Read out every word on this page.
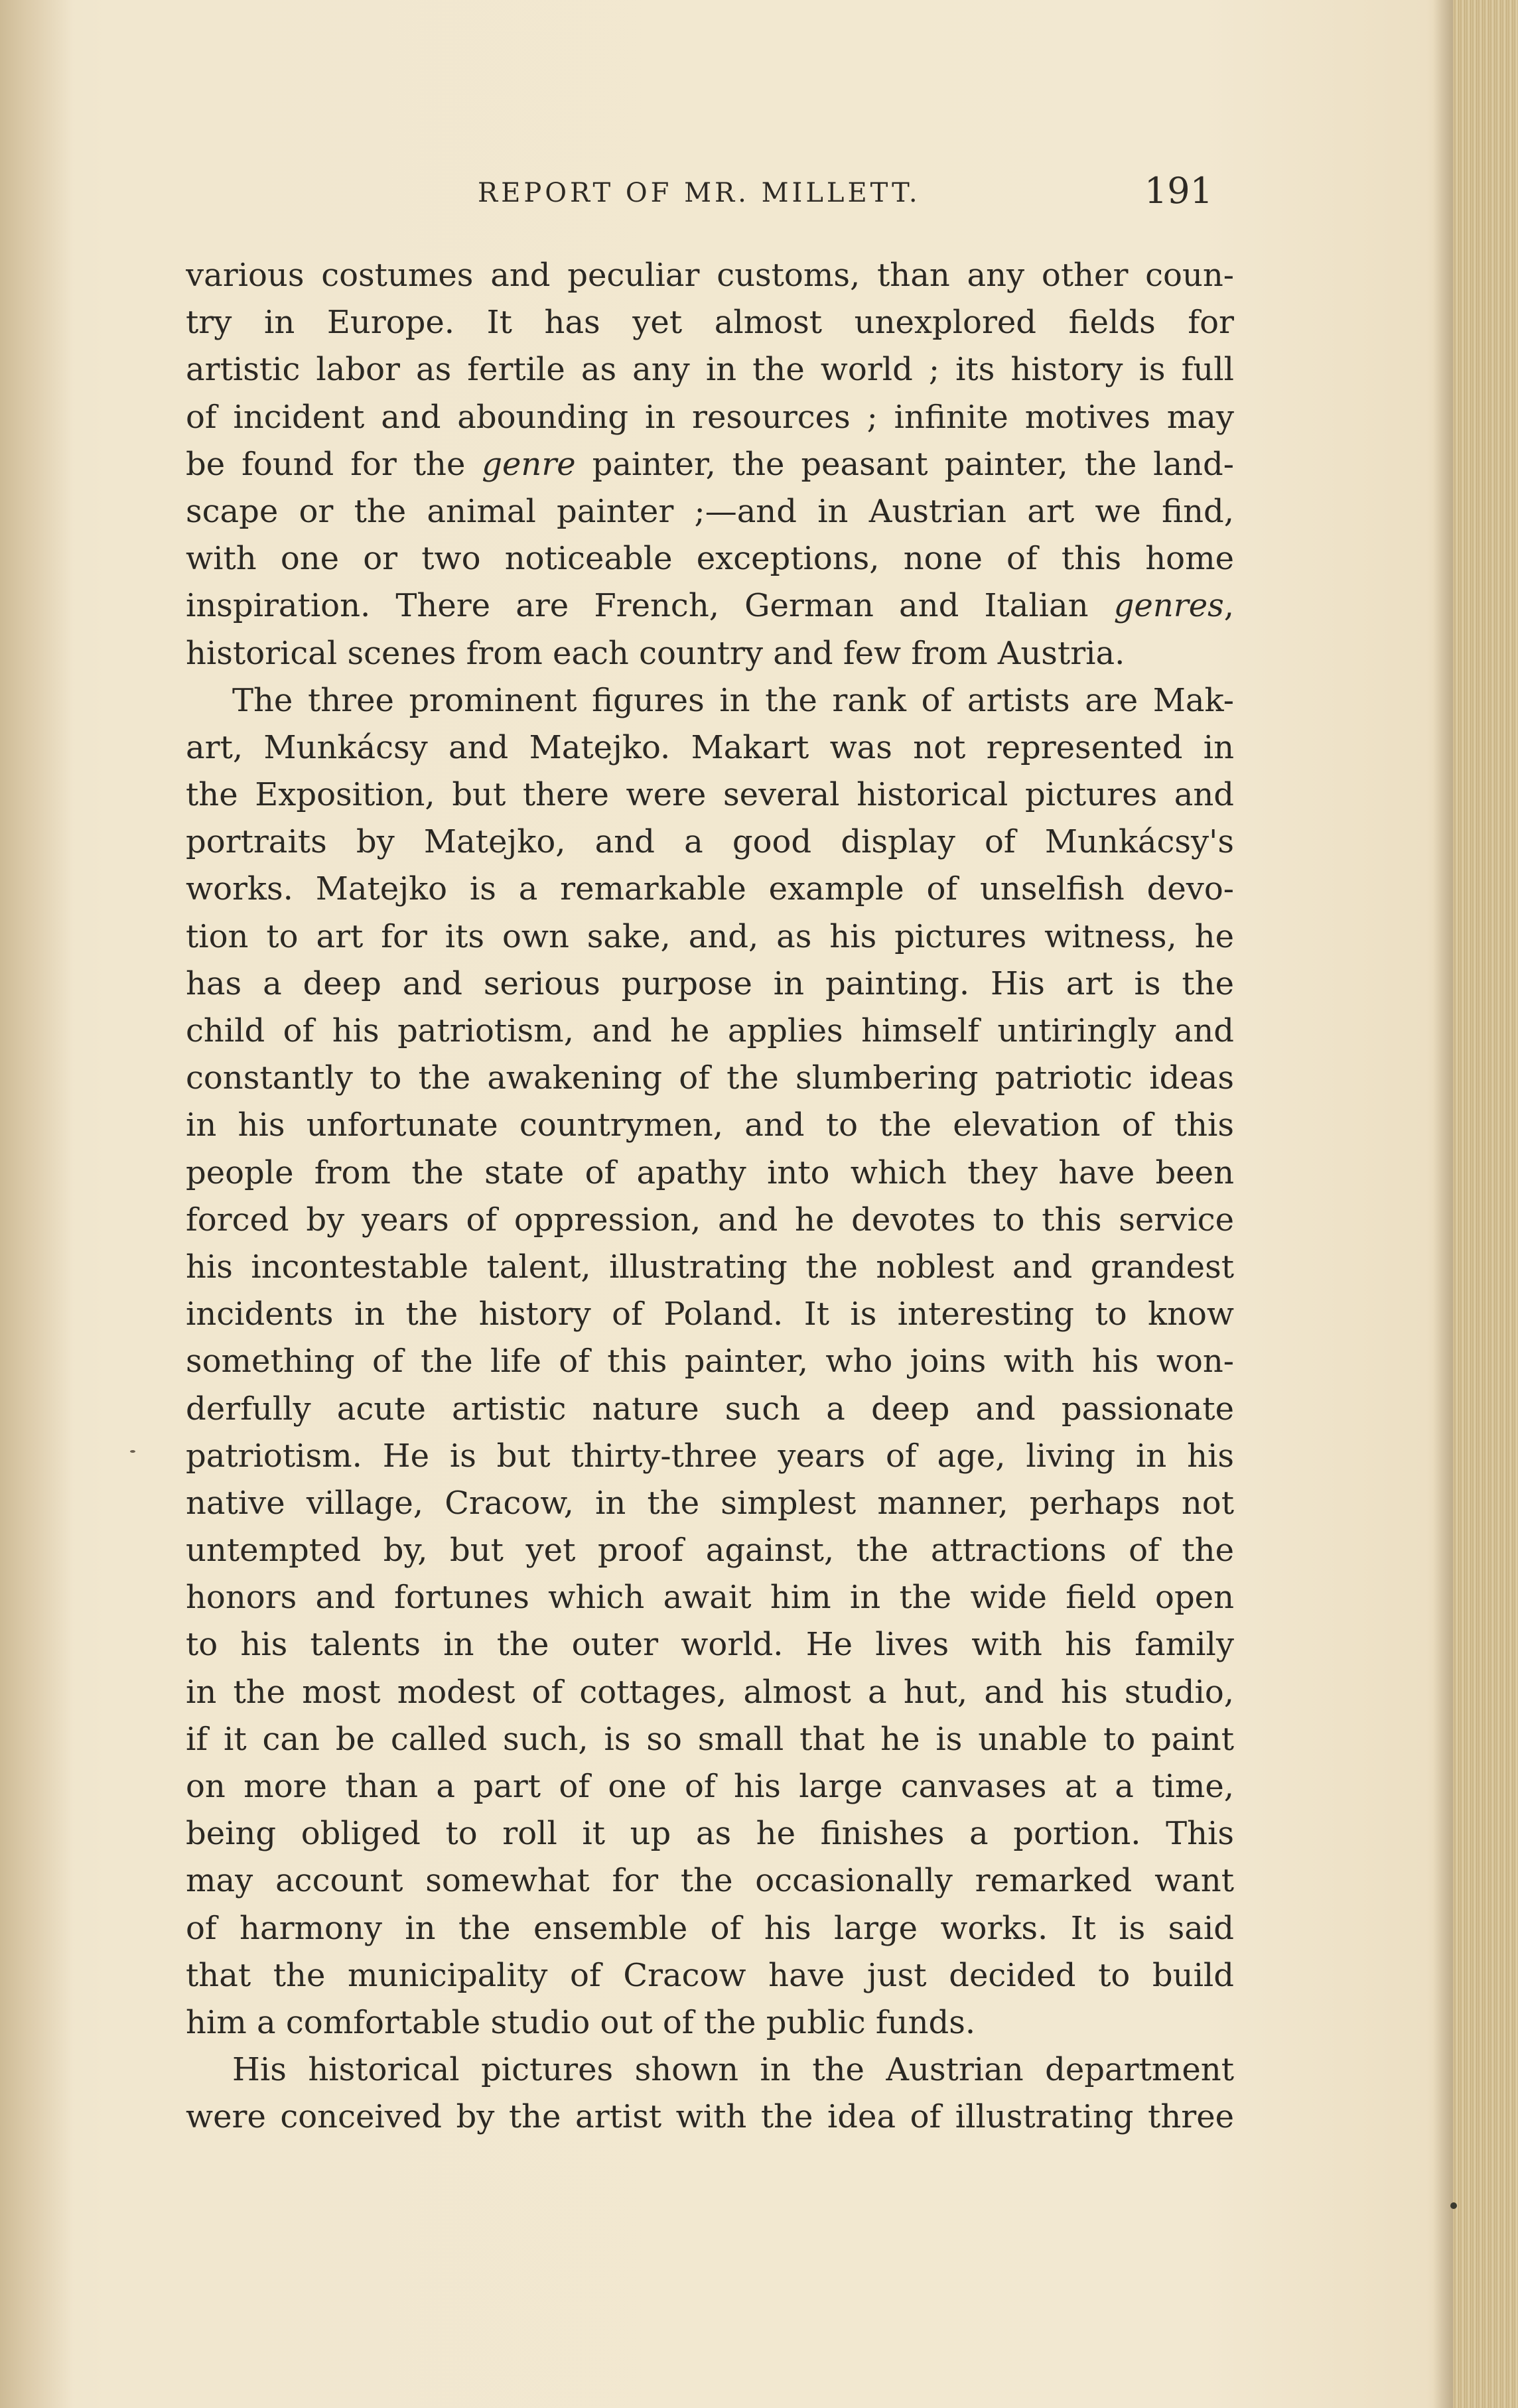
REPORT OF MR. MILLETT.	191
various costumes and peculiar customs, than any other coun-
try in Europe. It has yet almost unexplored fields for
artistic labor as fertile as any in the world ; its history is full
of incident and abounding in resources ; infinite motives may
be found for the genre painter, the peasant painter, the land-
scape or the animal painter ;—and in Austrian art we find,
with one or two noticeable exceptions, none of this home
inspiration. There are French, German and Italian genres,
historical scenes from each country and few from Austria.
The three prominent figures in the rank of artists are Mak-
art, Munkácsy and Matejko. Makart was not represented in
the Exposition, but there were several historical pictures and
portraits by Matejko, and a good display of Munkácsy's
works. Matejko is a remarkable example of unselfish devo-
tion to art for its own sake, and, as his pictures witness, he
has a deep and serious purpose in painting. His art is the
child of his patriotism, and he applies himself untiringly and
constantly to the awakening of the slumbering patriotic ideas
in his unfortunate countrymen, and to the elevation of this
people from the state of apathy into which they have been
forced by years of oppression, and he devotes to this service
his incontestable talent, illustrating the noblest and grandest
incidents in the history of Poland. It is interesting to know
something of the life of this painter, who joins with his won-
derfully acute artistic nature such a deep and passionate
patriotism. He is but thirty-three years of age, living in his
native village, Cracow, in the simplest manner, perhaps not
untempted by, but yet proof against, the attractions of the
honors and fortunes which await him in the wide field open
to his talents in the outer world. He lives with his family
in the most modest of cottages, almost a hut, and his studio,
if it can be called such, is so small that he is unable to paint
on more than a part of one of his large canvases at a time,
being obliged to roll it up as he finishes a portion. This
may account somewhat for the occasionally remarked want
of harmony in the ensemble of his large works. It is said
that the municipality of Cracow have just decided to build
him a comfortable studio out of the public funds.
His historical pictures shown in the Austrian department
were conceived by the artist with the idea of illustrating three
